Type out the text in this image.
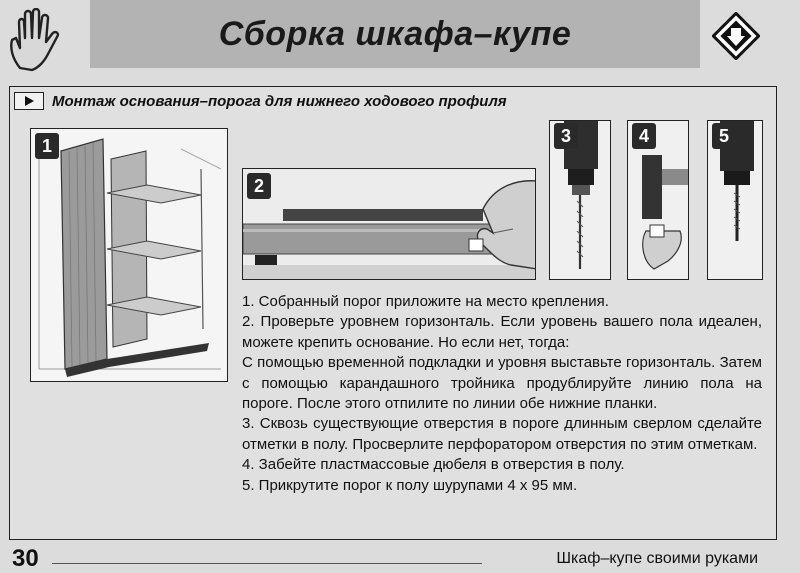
Сборка шкафа–купе
Монтаж основания–порога для нижнего ходового профиля
1
2
3	4	5

1. Собранный порог приложите на место крепления.

2. Проверьте уровнем горизонталь. Если уровень вашего пола идеален, можете крепить основание. Но если нет, тогда:

С помощью временной подкладки и уровня выставьте горизонталь. Затем с помощью карандашного тройника продублируйте линию пола на пороге. После этого отпилите по линии обе нижние планки.

3. Сквозь существующие отверстия в пороге длинным сверлом сделайте отметки в полу. Просверлите перфоратором отверстия по этим отметкам.

4. Забейте пластмассовые дюбеля в отверстия в полу.

5. Прикрутите порог к полу шурупами 4 х 95 мм.

30	Шкаф–купе своими руками
